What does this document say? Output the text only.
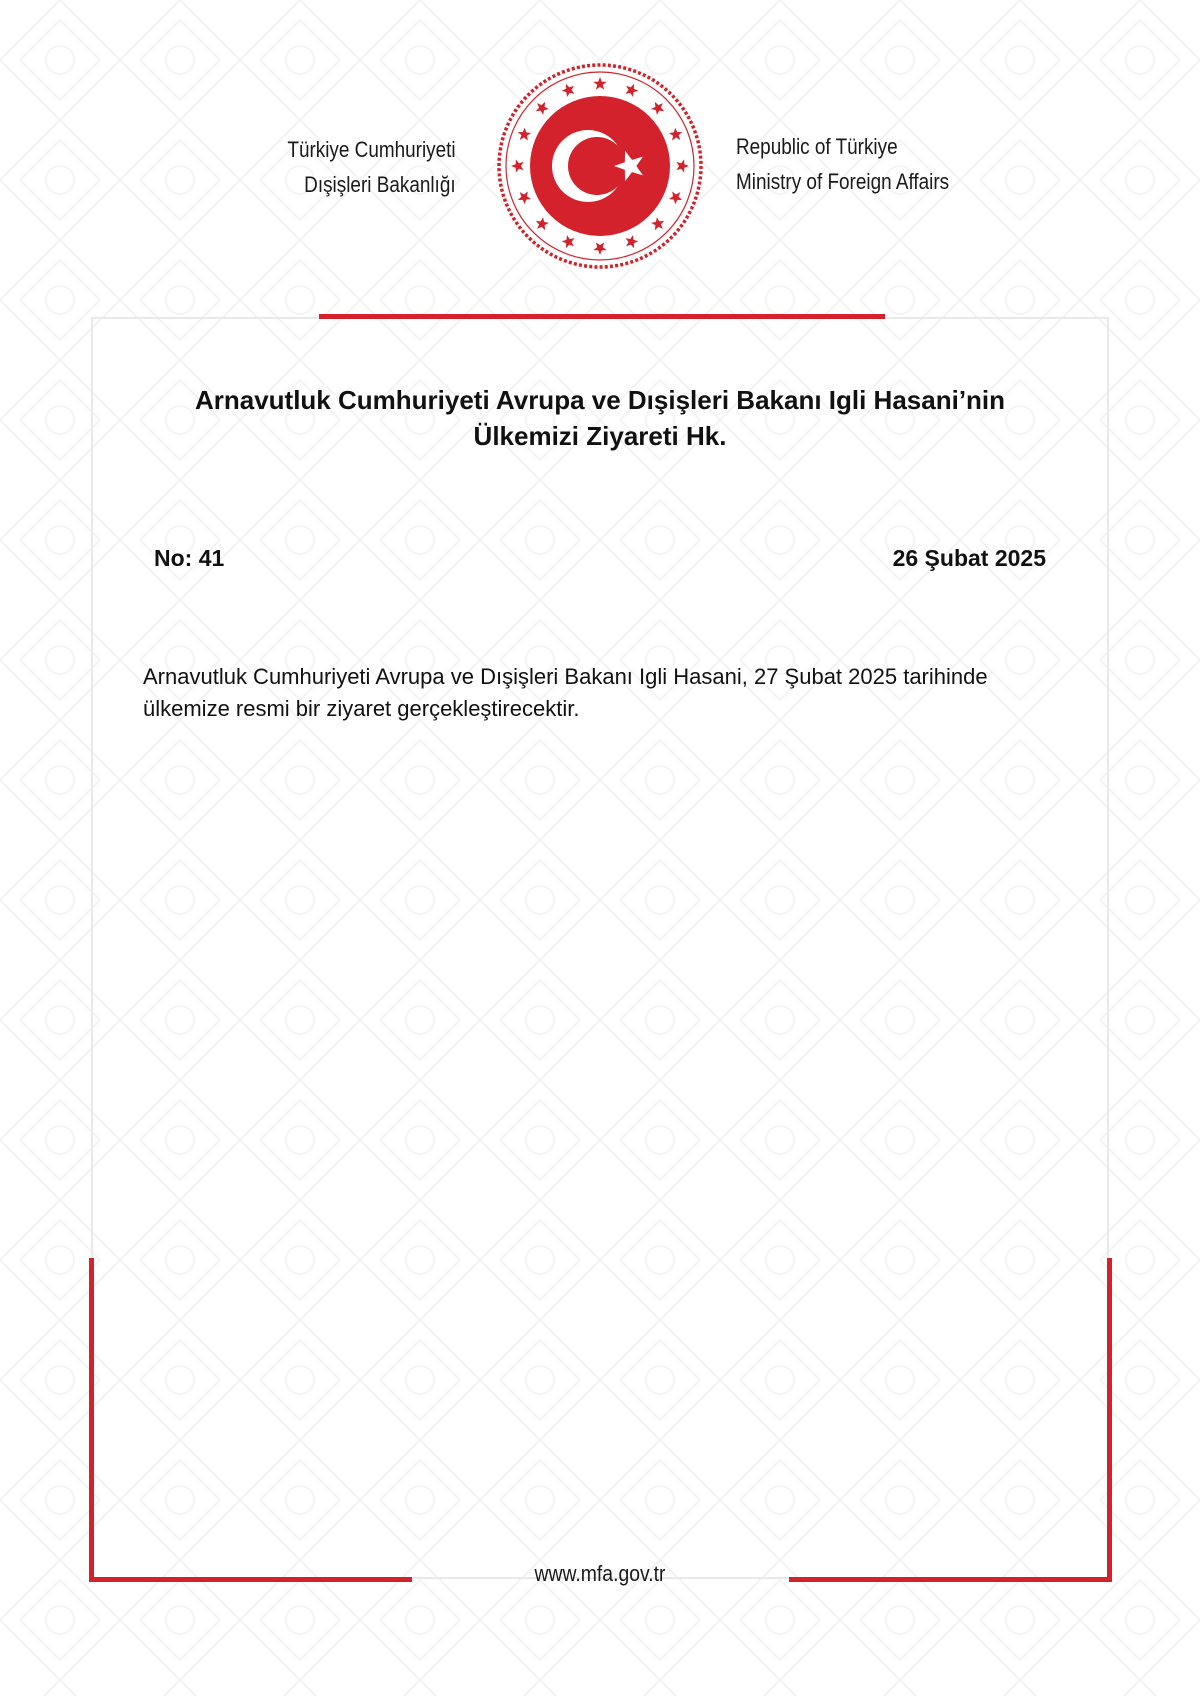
Türkiye Cumhuriyeti
Dışişleri Bakanlığı
Republic of Türkiye
Ministry of Foreign Affairs
Arnavutluk Cumhuriyeti Avrupa ve Dışişleri Bakanı Igli Hasani’nin
Ülkemizi Ziyareti Hk.
No: 41	26 Şubat 2025
Arnavutluk Cumhuriyeti Avrupa ve Dışişleri Bakanı Igli Hasani, 27 Şubat 2025 tarihinde
ülkemize resmi bir ziyaret gerçekleştirecektir.
www.mfa.gov.tr
